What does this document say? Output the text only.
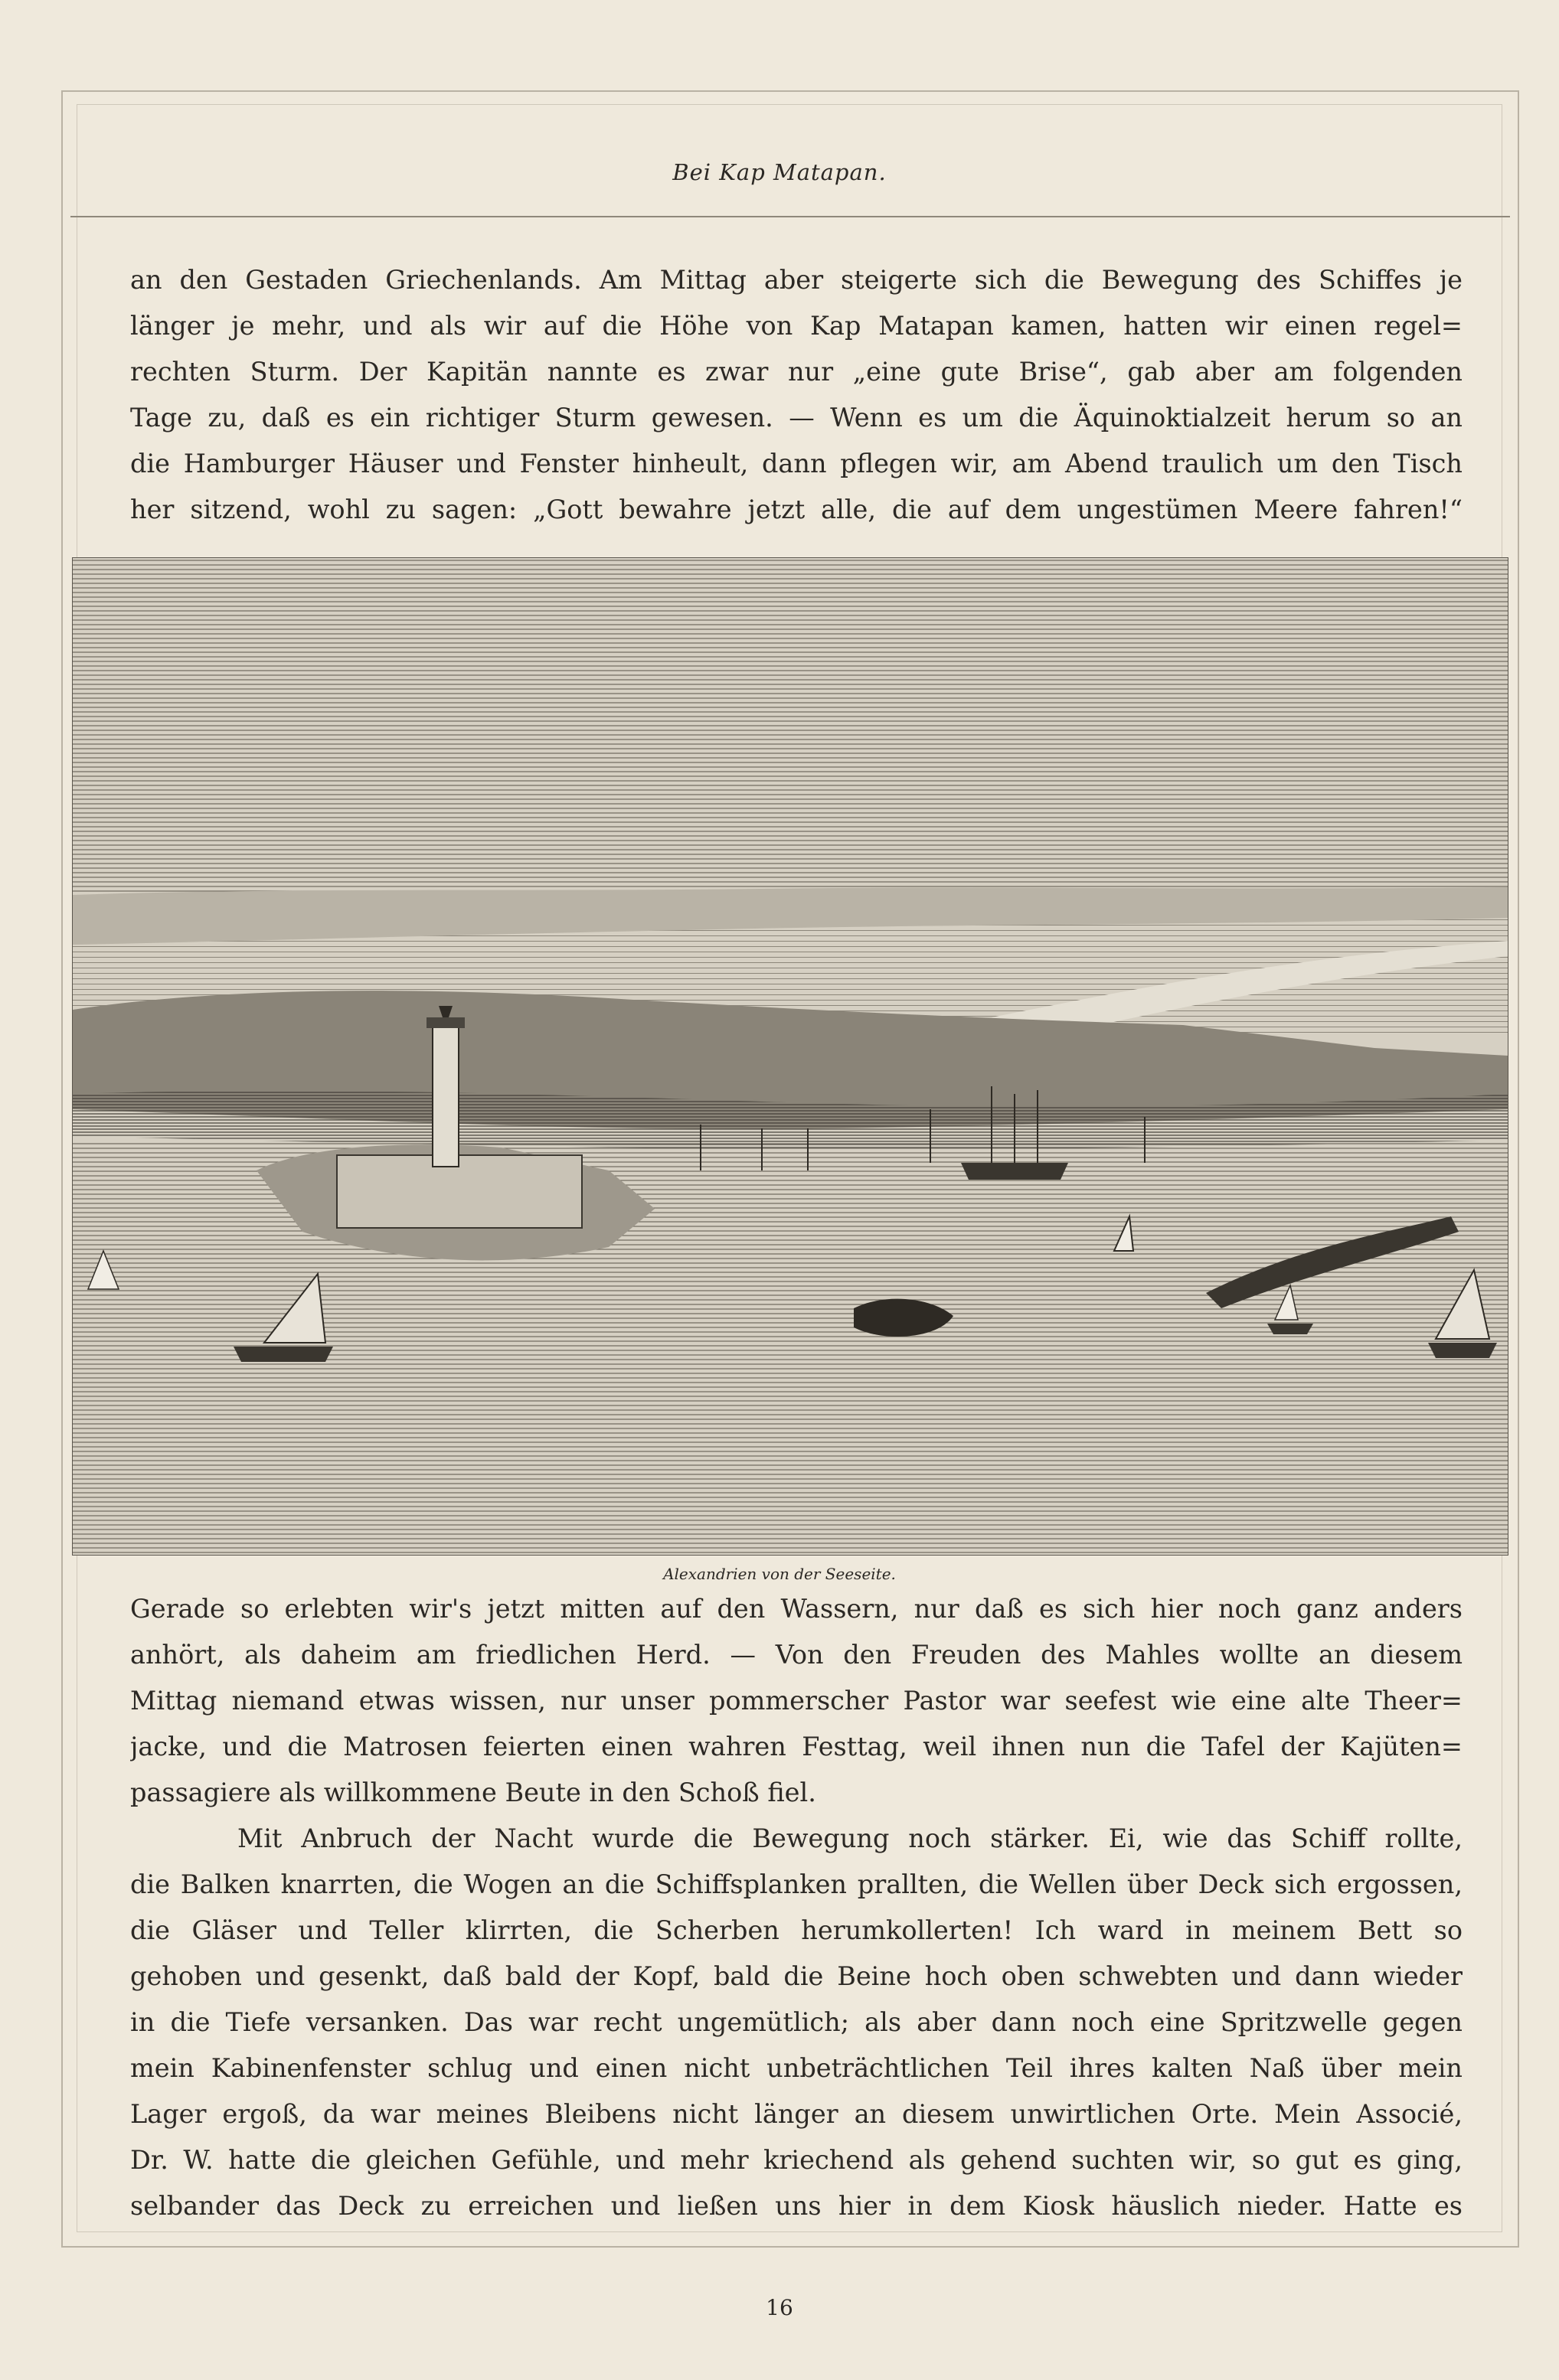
Bei Kap Matapan.
an den Gestaden Griechenlands. Am Mittag aber steigerte sich die Bewegung des Schiffes je
länger je mehr, und als wir auf die Höhe von Kap Matapan kamen, hatten wir einen regel=
rechten Sturm. Der Kapitän nannte es zwar nur „eine gute Brise“, gab aber am folgenden
Tage zu, daß es ein richtiger Sturm gewesen. — Wenn es um die Äquinoktialzeit herum so an
die Hamburger Häuser und Fenster hinheult, dann pflegen wir, am Abend traulich um den Tisch
her sitzend, wohl zu sagen: „Gott bewahre jetzt alle, die auf dem ungestümen Meere fahren!“
Alexandrien von der Seeseite.
Gerade so erlebten wir's jetzt mitten auf den Wassern, nur daß es sich hier noch ganz anders
anhört, als daheim am friedlichen Herd. — Von den Freuden des Mahles wollte an diesem
Mittag niemand etwas wissen, nur unser pommerscher Pastor war seefest wie eine alte Theer=
jacke, und die Matrosen feierten einen wahren Festtag, weil ihnen nun die Tafel der Kajüten=
passagiere als willkommene Beute in den Schoß fiel.
Mit Anbruch der Nacht wurde die Bewegung noch stärker. Ei, wie das Schiff rollte,
die Balken knarrten, die Wogen an die Schiffsplanken prallten, die Wellen über Deck sich ergossen,
die Gläser und Teller klirrten, die Scherben herumkollerten! Ich ward in meinem Bett so
gehoben und gesenkt, daß bald der Kopf, bald die Beine hoch oben schwebten und dann wieder
in die Tiefe versanken. Das war recht ungemütlich; als aber dann noch eine Spritzwelle gegen
mein Kabinenfenster schlug und einen nicht unbeträchtlichen Teil ihres kalten Naß über mein
Lager ergoß, da war meines Bleibens nicht länger an diesem unwirtlichen Orte. Mein Associé,
Dr. W. hatte die gleichen Gefühle, und mehr kriechend als gehend suchten wir, so gut es ging,
selbander das Deck zu erreichen und ließen uns hier in dem Kiosk häuslich nieder. Hatte es
16
